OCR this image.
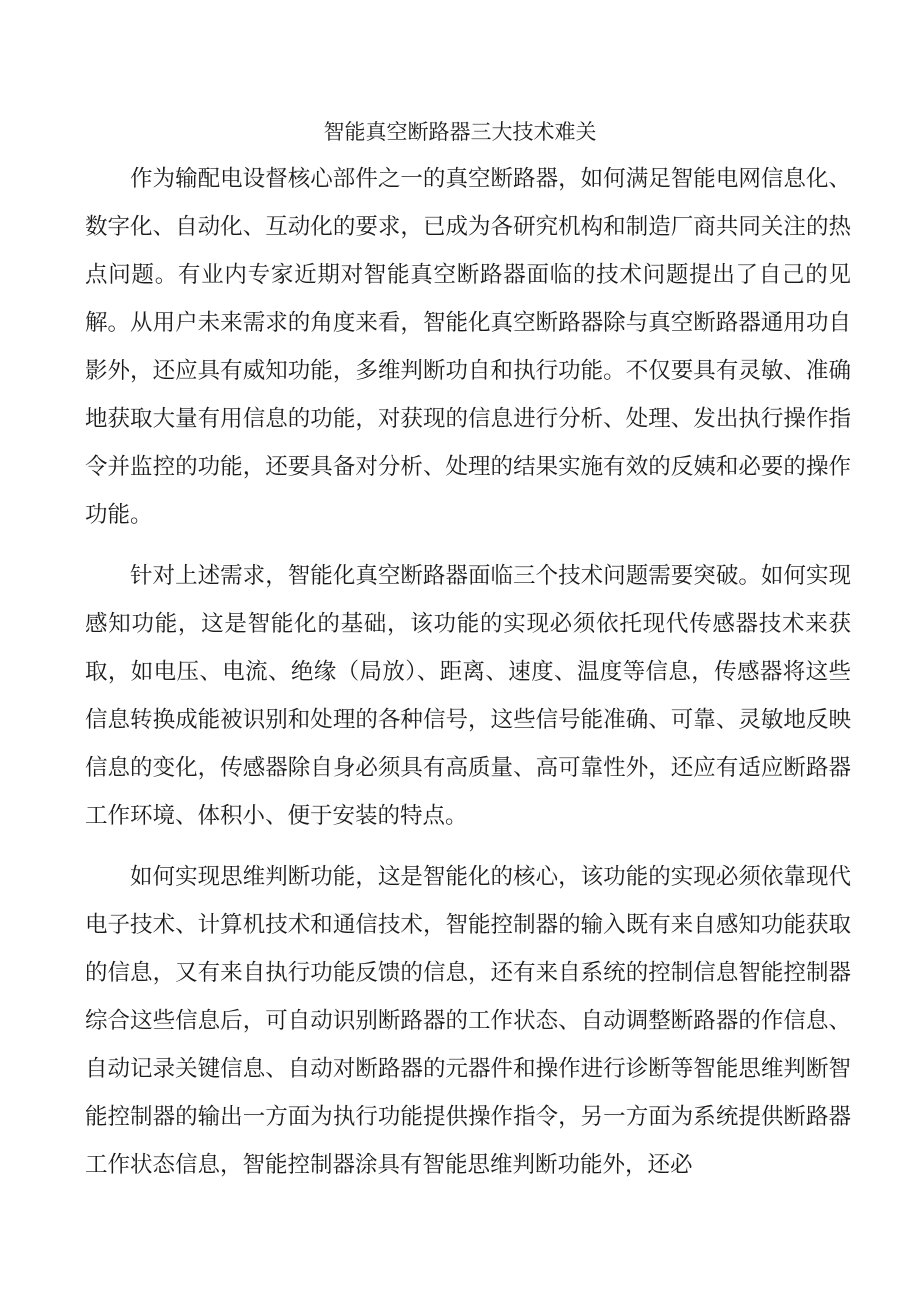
智能真空断路器三大技术难关

作为输配电设督核心部件之一的真空断路器，如何满足智能电网信息化、数字化、自动化、互动化的要求，已成为各研究机构和制造厂商共同关注的热点问题。有业内专家近期对智能真空断路器面临的技术问题提出了自己的见解。从用户未来需求的角度来看，智能化真空断路器除与真空断路器通用功自影外，还应具有威知功能，多维判断功自和执行功能。不仅要具有灵敏、准确地获取大量有用信息的功能，对获现的信息进行分析、处理、发出执行操作指令并监控的功能，还要具备对分析、处理的结果实施有效的反姨和必要的操作功能。

针对上述需求，智能化真空断路器面临三个技术问题需要突破。如何实现感知功能，这是智能化的基础，该功能的实现必须依托现代传感器技术来获取，如电压、电流、绝缘（局放）、距离、速度、温度等信息，传感器将这些信息转换成能被识别和处理的各种信号，这些信号能准确、可靠、灵敏地反映信息的变化，传感器除自身必须具有高质量、高可靠性外，还应有适应断路器工作环境、体积小、便于安装的特点。

如何实现思维判断功能，这是智能化的核心，该功能的实现必须依靠现代电子技术、计算机技术和通信技术，智能控制器的输入既有来自感知功能获取的信息，又有来自执行功能反馈的信息，还有来自系统的控制信息智能控制器综合这些信息后，可自动识别断路器的工作状态、自动调整断路器的作信息、自动记录关键信息、自动对断路器的元器件和操作进行诊断等智能思维判断智能控制器的输出一方面为执行功能提供操作指令，另一方面为系统提供断路器工作状态信息，智能控制器涂具有智能思维判断功能外，还必
